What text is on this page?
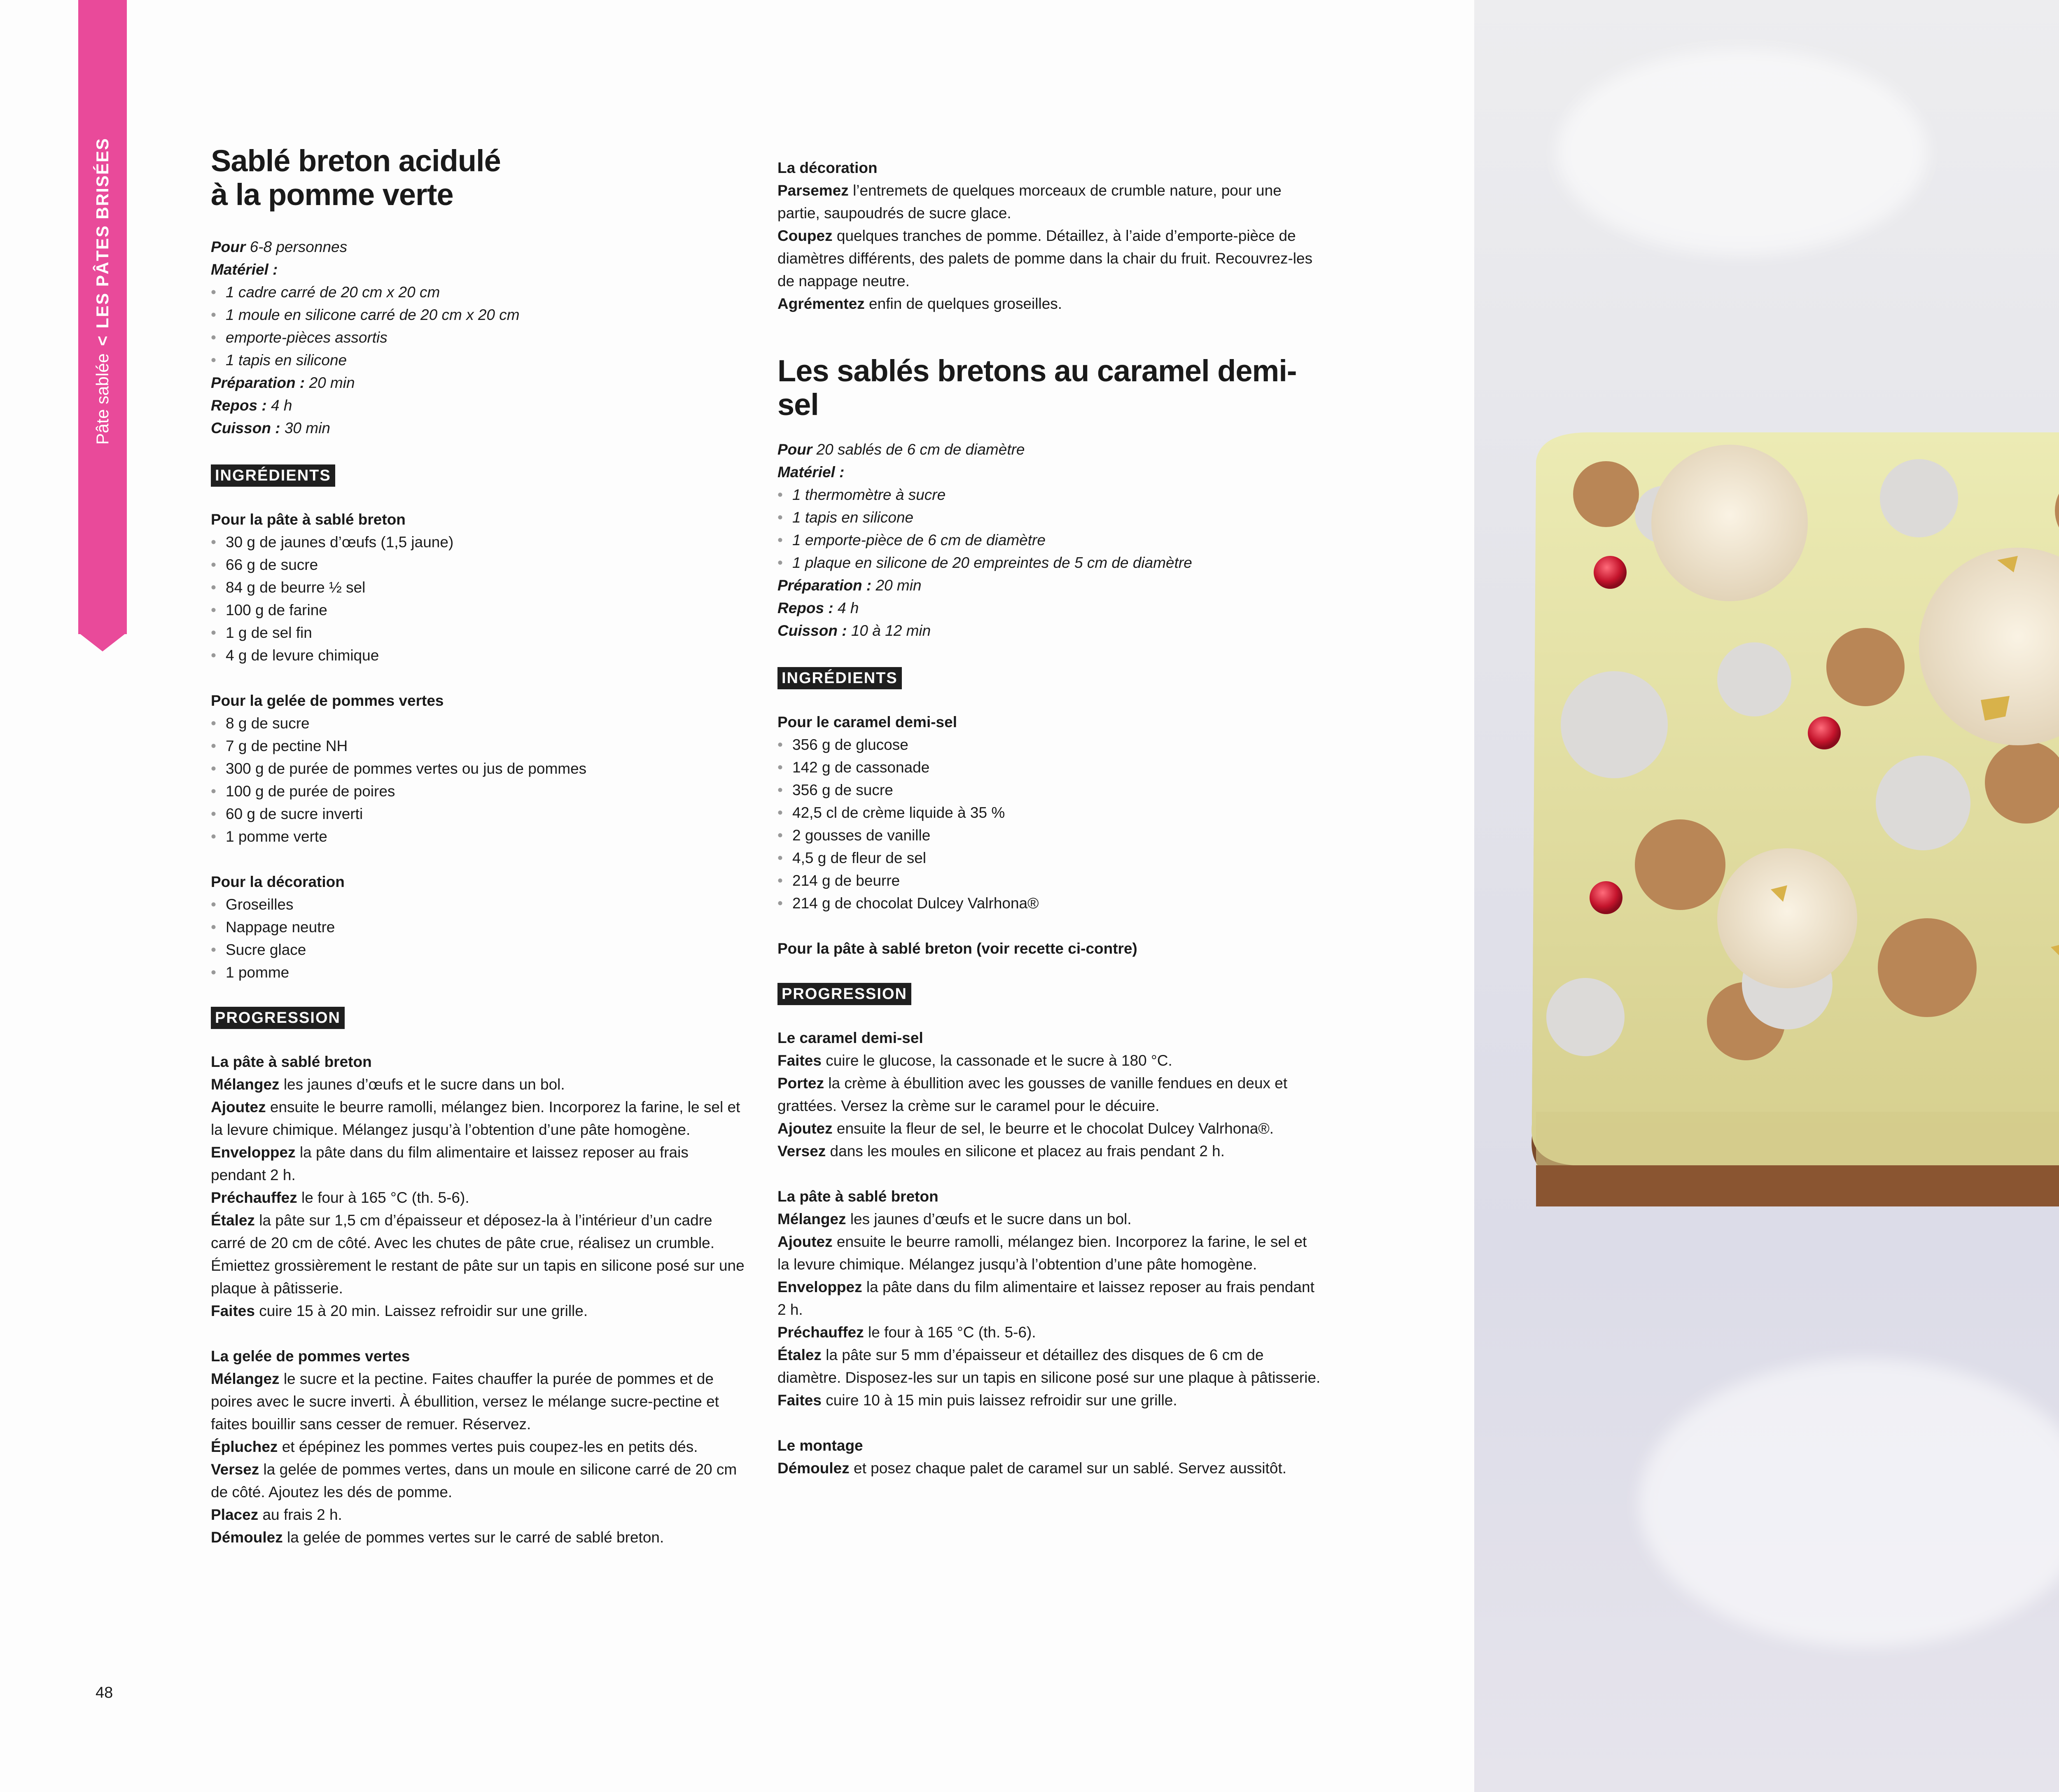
Pâte sablée<LES PÂTES BRISÉES	Sablé breton acidulé
à la pomme verte

Pour 6-8 personnes

Matériel :

• 1 cadre carré de 20 cm x 20 cm
• 1 moule en silicone carré de 20 cm x 20 cm
• emporte-pièces assortis
• 1 tapis en silicone

Préparation : 20 min

Repos : 4 h

Cuisson : 30 min

INGRÉDIENTS

Pour la pâte à sablé breton

• 30 g de jaunes d’œufs (1,5 jaune)
• 66 g de sucre
• 84 g de beurre ½ sel
• 100 g de farine
• 1 g de sel fin
• 4 g de levure chimique

Pour la gelée de pommes vertes

• 8 g de sucre
• 7 g de pectine NH
• 300 g de purée de pommes vertes ou jus de pommes
• 100 g de purée de poires
• 60 g de sucre inverti
• 1 pomme verte

Pour la décoration

• Groseilles
• Nappage neutre
• Sucre glace
• 1 pomme
PROGRESSION

La pâte à sablé breton

Mélangez les jaunes d’œufs et le sucre dans un bol.

Ajoutez ensuite le beurre ramolli, mélangez bien. Incorporez la farine, le sel et la levure chimique. Mélangez jusqu’à l’obtention d’une pâte homogène.

Enveloppez la pâte dans du film alimentaire et laissez reposer au frais pendant 2 h.

Préchauffez le four à 165 °C (th. 5-6).

Étalez la pâte sur 1,5 cm d’épaisseur et déposez-la à l’intérieur d’un cadre carré de 20 cm de côté. Avec les chutes de pâte crue, réalisez un crumble. Émiettez grossièrement le restant de pâte sur un tapis en silicone posé sur une plaque à pâtisserie.

Faites cuire 15 à 20 min. Laissez refroidir sur une grille.

La gelée de pommes vertes

Mélangez le sucre et la pectine. Faites chauffer la purée de pommes et de poires avec le sucre inverti. À ébullition, versez le mélange sucre-pectine et faites bouillir sans cesser de remuer. Réservez.

Épluchez et épépinez les pommes vertes puis coupez-les en petits dés.

Versez la gelée de pommes vertes, dans un moule en silicone carré de 20 cm de côté. Ajoutez les dés de pomme.

Placez au frais 2 h.

Démoulez la gelée de pommes vertes sur le carré de sablé breton.

La décoration

Parsemez l’entremets de quelques morceaux de crumble nature, pour une partie, saupoudrés de sucre glace.

Coupez quelques tranches de pomme. Détaillez, à l’aide d’emporte-pièce de diamètres différents, des palets de pomme dans la chair du fruit. Recouvrez-les de nappage neutre.

Agrémentez enfin de quelques groseilles.

Les sablés bretons au caramel demi-sel

Pour 20 sablés de 6 cm de diamètre

Matériel :

• 1 thermomètre à sucre
• 1 tapis en silicone
• 1 emporte-pièce de 6 cm de diamètre
• 1 plaque en silicone de 20 empreintes de 5 cm de diamètre

Préparation : 20 min

Repos : 4 h

Cuisson : 10 à 12 min

INGRÉDIENTS

Pour le caramel demi-sel

• 356 g de glucose
• 142 g de cassonade
• 356 g de sucre
• 42,5 cl de crème liquide à 35 %
• 2 gousses de vanille
• 4,5 g de fleur de sel
• 214 g de beurre
• 214 g de chocolat Dulcey Valrhona®

Pour la pâte à sablé breton (voir recette ci-contre)

PROGRESSION

Le caramel demi-sel

Faites cuire le glucose, la cassonade et le sucre à 180 °C.

Portez la crème à ébullition avec les gousses de vanille fendues en deux et grattées. Versez la crème sur le caramel pour le décuire.

Ajoutez ensuite la fleur de sel, le beurre et le chocolat Dulcey Valrhona®.

Versez dans les moules en silicone et placez au frais pendant 2 h.

La pâte à sablé breton

Mélangez les jaunes d’œufs et le sucre dans un bol.

Ajoutez ensuite le beurre ramolli, mélangez bien. Incorporez la farine, le sel et la levure chimique. Mélangez jusqu’à l’obtention d’une pâte homogène.

Enveloppez la pâte dans du film alimentaire et laissez reposer au frais pendant 2 h.

Préchauffez le four à 165 °C (th. 5-6).

Étalez la pâte sur 5 mm d’épaisseur et détaillez des disques de 6 cm de diamètre. Disposez-les sur un tapis en silicone posé sur une plaque à pâtisserie.

Faites cuire 10 à 15 min puis laissez refroidir sur une grille.

Le montage

Démoulez et posez chaque palet de caramel sur un sablé. Servez aussitôt.

48
